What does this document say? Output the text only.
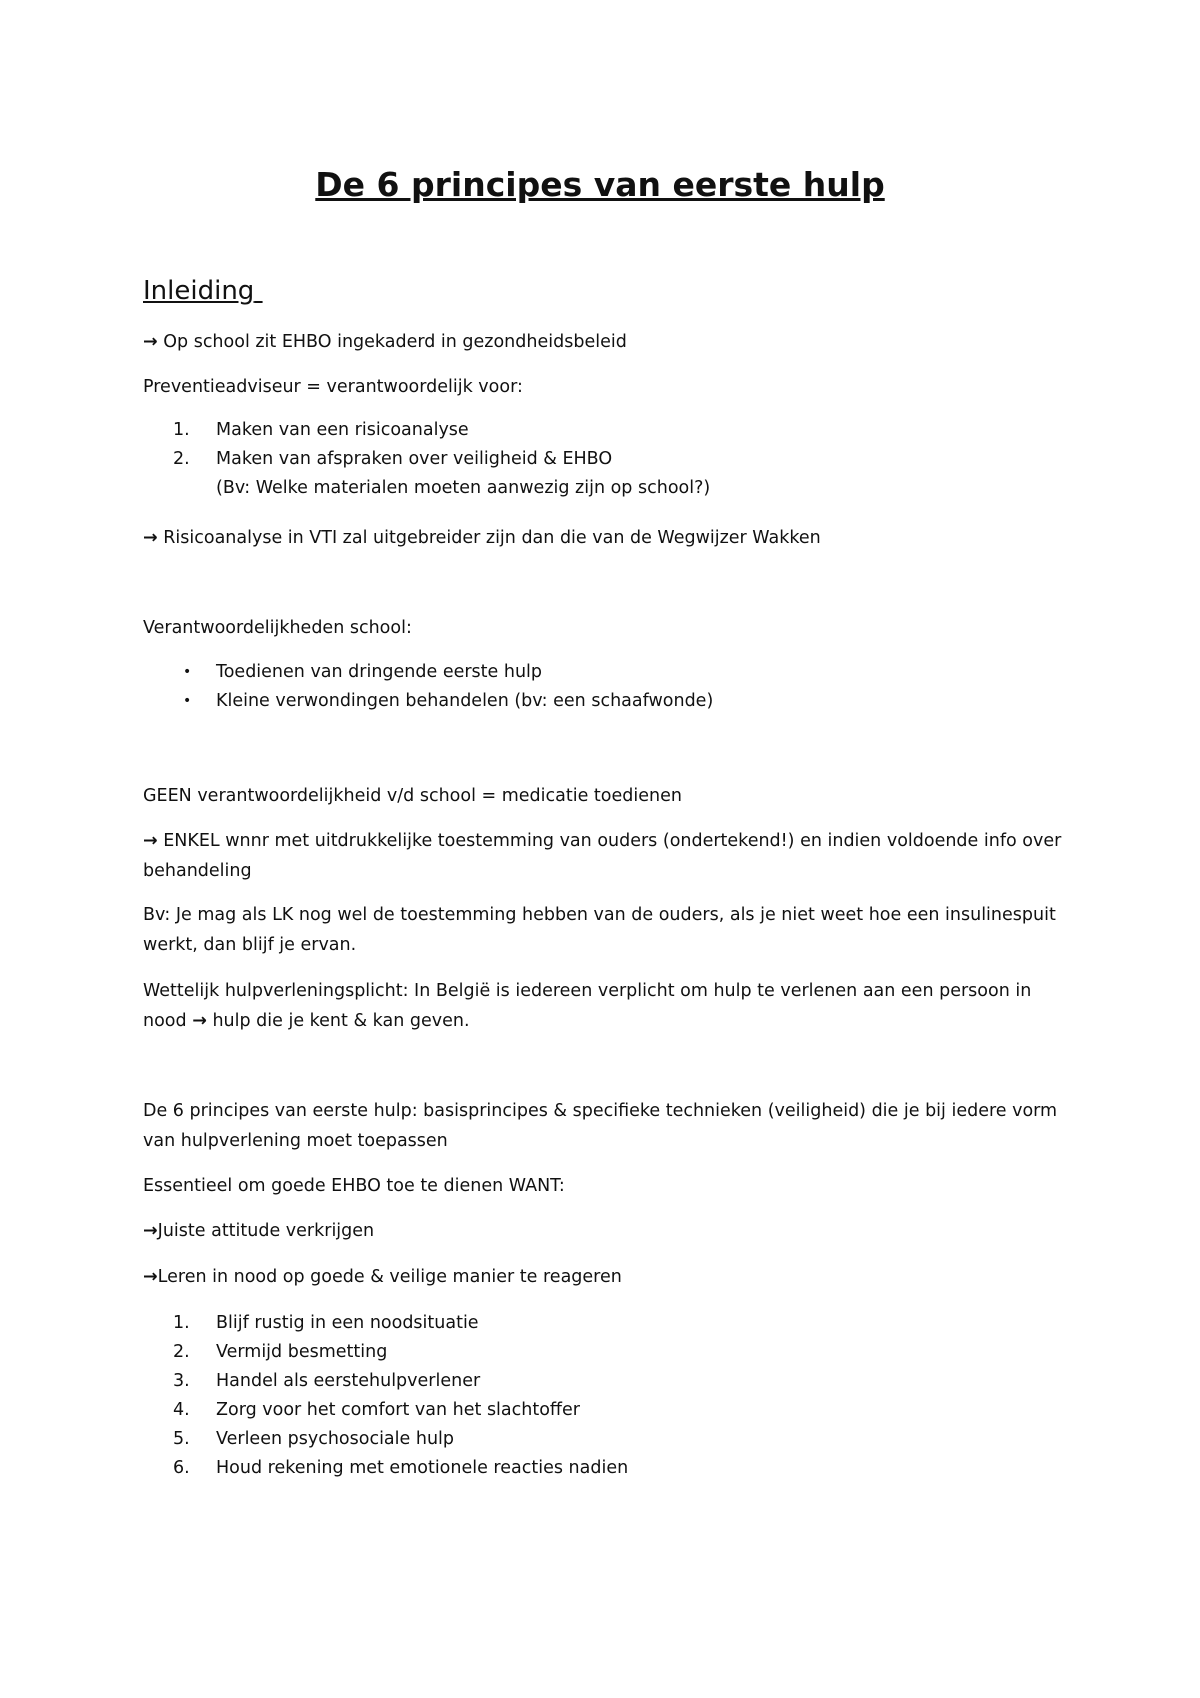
De 6 principes van eerste hulp
Inleiding
→ Op school zit EHBO ingekaderd in gezondheidsbeleid
Preventieadviseur = verantwoordelijk voor:
1.	Maken van een risicoanalyse
2.	Maken van afspraken over veiligheid & EHBO
(Bv: Welke materialen moeten aanwezig zijn op school?)
→ Risicoanalyse in VTI zal uitgebreider zijn dan die van de Wegwijzer Wakken
Verantwoordelijkheden school:
• Toedienen van dringende eerste hulp
• Kleine verwondingen behandelen (bv: een schaafwonde)
GEEN verantwoordelijkheid v/d school = medicatie toedienen
→ ENKEL wnnr met uitdrukkelijke toestemming van ouders (ondertekend!) en indien voldoende info over behandeling
Bv: Je mag als LK nog wel de toestemming hebben van de ouders, als je niet weet hoe een insulinespuit werkt, dan blijf je ervan.
Wettelijk hulpverleningsplicht: In België is iedereen verplicht om hulp te verlenen aan een persoon in nood → hulp die je kent & kan geven.
De 6 principes van eerste hulp: basisprincipes & specifieke technieken (veiligheid) die je bij iedere vorm van hulpverlening moet toepassen
Essentieel om goede EHBO toe te dienen WANT:
→Juiste attitude verkrijgen
→Leren in nood op goede & veilige manier te reageren
1.	Blijf rustig in een noodsituatie
2.	Vermijd besmetting
3.	Handel als eerstehulpverlener
4.	Zorg voor het comfort van het slachtoffer
5.	Verleen psychosociale hulp
6.	Houd rekening met emotionele reacties nadien
